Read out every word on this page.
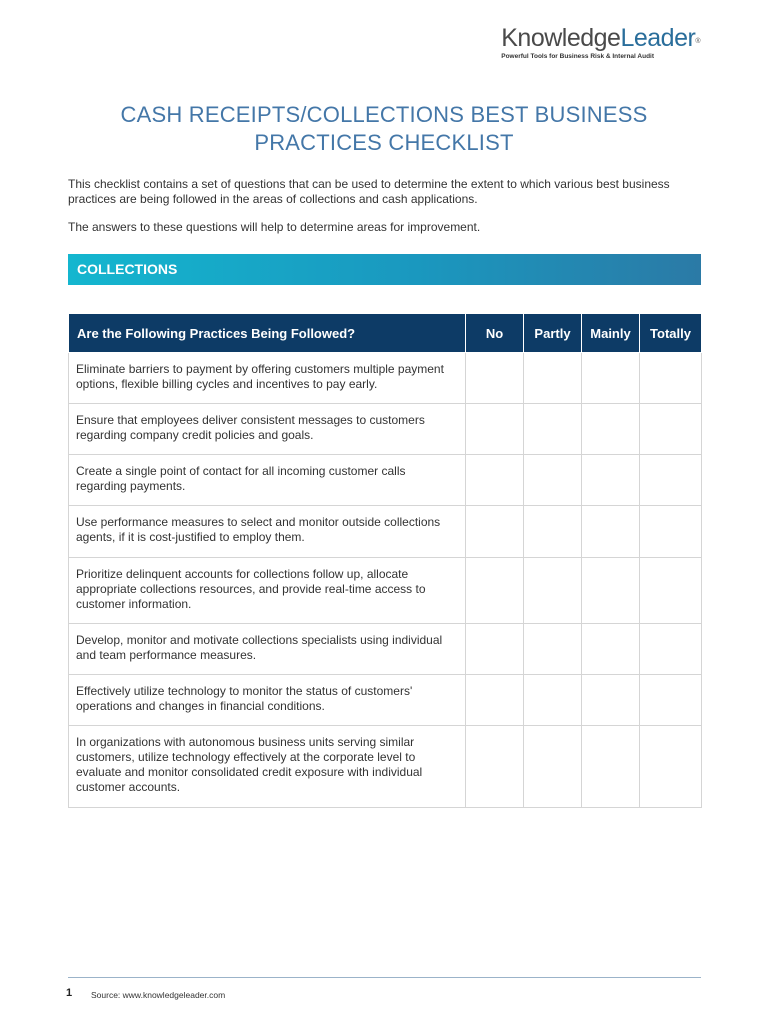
KnowledgeLeader®
Powerful Tools for Business Risk & Internal Audit
CASH RECEIPTS/COLLECTIONS BEST BUSINESS
PRACTICES CHECKLIST

This checklist contains a set of questions that can be used to determine the extent to which various best business practices are being followed in the areas of collections and cash applications.

The answers to these questions will help to determine areas for improvement.

COLLECTIONS
Are the Following Practices Being Followed?	No	Partly	Mainly	Totally
Eliminate barriers to payment by offering customers multiple payment options, flexible billing cycles and incentives to pay early.				
Ensure that employees deliver consistent messages to customers regarding company credit policies and goals.				
Create a single point of contact for all incoming customer calls regarding payments.				
Use performance measures to select and monitor outside collections agents, if it is cost-justified to employ them.				
Prioritize delinquent accounts for collections follow up, allocate appropriate collections resources, and provide real-time access to customer information.				
Develop, monitor and motivate collections specialists using individual and team performance measures.				
Effectively utilize technology to monitor the status of customers' operations and changes in financial conditions.				
In organizations with autonomous business units serving similar customers, utilize technology effectively at the corporate level to evaluate and monitor consolidated credit exposure with individual customer accounts.				
1 Source: www.knowledgeleader.com
